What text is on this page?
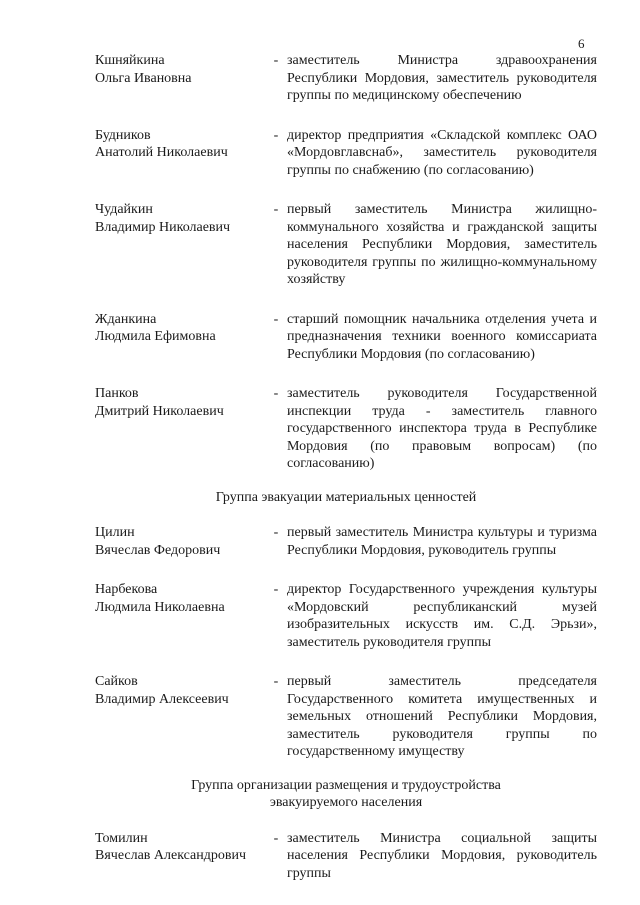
6
Кшняйкина
Ольга Ивановна
- заместитель Министра здравоохранения Республики Мордовия, заместитель руководителя группы по медицинскому обеспечению
Будников
Анатолий Николаевич
- директор предприятия «Складской комплекс ОАО «Мордовглавснаб», заместитель руководителя группы по снабжению (по согласованию)
Чудайкин
Владимир Николаевич
- первый заместитель Министра жилищно-коммунального хозяйства и гражданской защиты населения Республики Мордовия, заместитель руководителя группы по жилищно-коммунальному хозяйству
Жданкина
Людмила Ефимовна
- старший помощник начальника отделения учета и предназначения техники военного комиссариата Республики Мордовия (по согласованию)
Панков
Дмитрий Николаевич
- заместитель руководителя Государственной инспекции труда - заместитель главного государственного инспектора труда в Республике Мордовия (по правовым вопросам) (по согласованию)
Группа эвакуации материальных ценностей
Цилин
Вячеслав Федорович
- первый заместитель Министра культуры и туризма Республики Мордовия, руководитель группы
Нарбекова
Людмила Николаевна
- директор Государственного учреждения культуры «Мордовский республиканский музей изобразительных искусств им. С.Д. Эрьзи», заместитель руководителя группы
Сайков
Владимир Алексеевич
- первый заместитель председателя Государственного комитета имущественных и земельных отношений Республики Мордовия, заместитель руководителя группы по государственному имуществу
Группа организации размещения и трудоустройства
эвакуируемого населения
Томилин
Вячеслав Александрович
- заместитель Министра социальной защиты населения Республики Мордовия, руководитель группы
